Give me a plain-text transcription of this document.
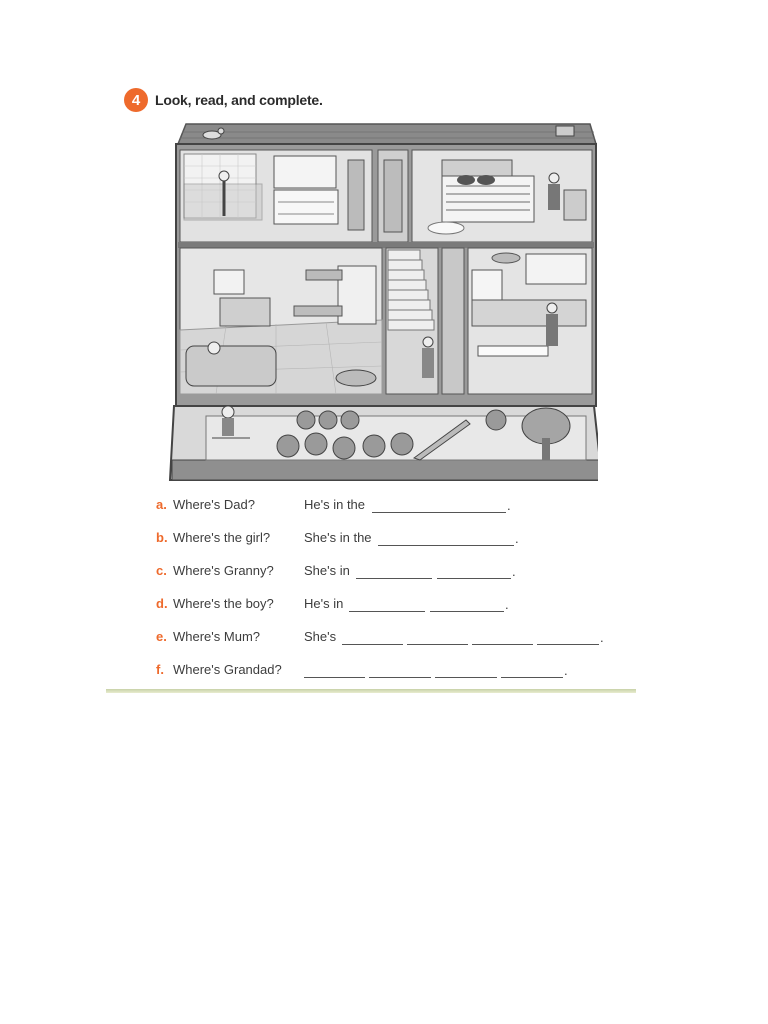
4	Look, read, and complete.
a. Where's Dad?	He's in the	.
b. Where's the girl?	She's in the	.
c. Where's Granny? She's in	.
d. Where's the boy? He's in	.
e. Where's Mum?	She's	.
f. Where's Grandad?	.
